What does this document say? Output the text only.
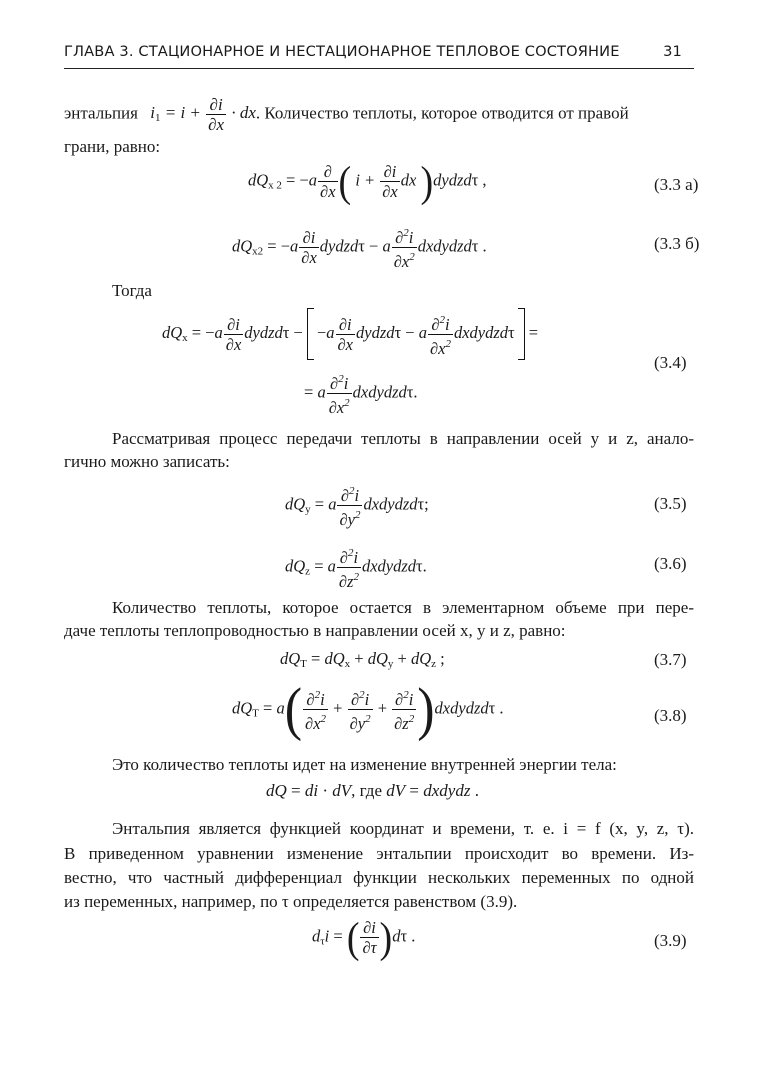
ГЛАВА 3. СТАЦИОНАРНОЕ И НЕСТАЦИОНАРНОЕ ТЕПЛОВОЕ СОСТОЯНИЕ	31
энтальпия $i_1 = i + \frac{\partial i}{\partial x}$ · dx. Количество теплоты, которое отводится от правой
грани, равно:
$dQ_{x 2} = -a \frac{\partial}{\partial x}$ ( $i + \frac{\partial i}{\partial x}$ dx )dydzdτ ,	(3.3 а)
$dQ_{x2} = -a \frac{\partial i}{\partial x}$ dydzdτ − a $\frac{\partial^2i}{\partial x^2}$ dxdydzdτ .	(3.3 б)
Тогда
$dQ_x = -a \frac{\partial i}{\partial x}$ dydzdτ − $-a \frac{\partial i}{\partial x}$ dydzdτ − a $\frac{\partial^2i}{\partial x^2}$ dxdydzdτ =
= a $\frac{\partial^2i}{\partial x^2}$ dxdydzdτ.
(3.4)
Рассматривая процесс передачи теплоты в направлении осей y и z, анало-
гично можно записать:
$dQ_y = a \frac{\partial^2i}{\partial y^2}$ dxdydzdτ;	(3.5)
$dQ_z = a \frac{\partial^2i}{\partial z^2}$ dxdydzdτ.	(3.6)
Количество теплоты, которое остается в элементарном объеме при пере-
даче теплоты теплопроводностью в направлении осей x, y и z, равно:
$dQ_T = dQ_x + dQ_y + dQ_z$ ;	(3.7)
$dQ_T = a( \frac{\partial^2i}{\partial x^2} + \frac{\partial^2i}{\partial y^2} + \frac{\partial^2i}{\partial z^2}$ )dxdydzdτ .	(3.8)
Это количество теплоты идет на изменение внутренней энергии тела:
dQ = di · dV, где dV = dxdydz .
Энтальпия является функцией координат и времени, т. е. i = f (x, y, z, τ).
В приведенном уравнении изменение энтальпии происходит во времени. Из-
вестно, что частный дифференциал функции нескольких переменных по одной
из переменных, например, по τ определяется равенством (3.9).
$d_\tau i$ = ( $\frac{\partial i}{\partial\tau} )d\tau$ .	(3.9)
